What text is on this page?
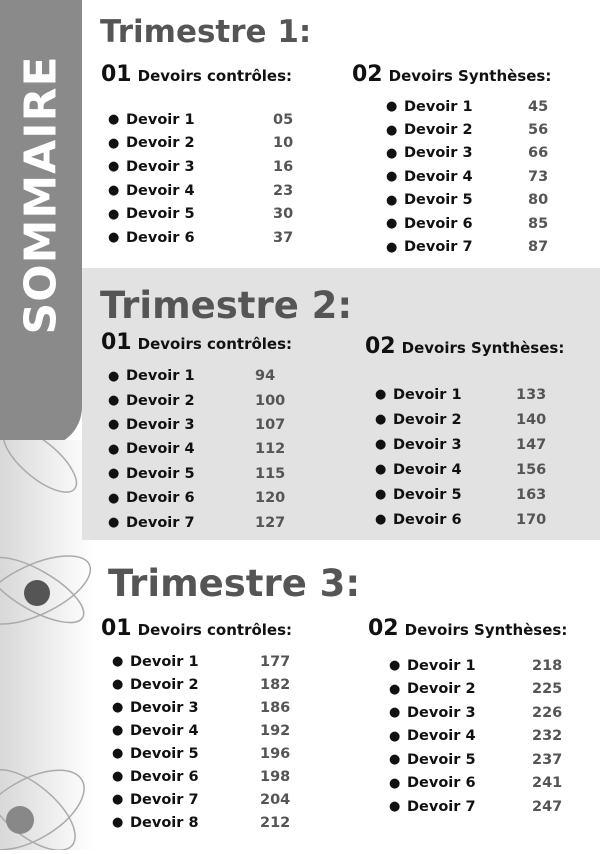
SOMMAIRE
Trimestre 1:
01 Devoirs contrôles:
● Devoir 1	05
● Devoir 2	10
● Devoir 3	16
● Devoir 4	23
● Devoir 5	30
● Devoir 6	37
02 Devoirs Synthèses:
● Devoir 1	45
● Devoir 2	56
● Devoir 3	66
● Devoir 4	73
● Devoir 5	80
● Devoir 6	85
● Devoir 7	87
Trimestre 2:
01 Devoirs contrôles:
● Devoir 1	94
● Devoir 2	100
● Devoir 3	107
● Devoir 4	112
● Devoir 5	115
● Devoir 6	120
● Devoir 7	127
02 Devoirs Synthèses:
● Devoir 1	133
● Devoir 2	140
● Devoir 3	147
● Devoir 4	156
● Devoir 5	163
● Devoir 6	170
Trimestre 3:
01 Devoirs contrôles:
● Devoir 1	177
● Devoir 2	182
● Devoir 3	186
● Devoir 4	192
● Devoir 5	196
● Devoir 6	198
● Devoir 7	204
● Devoir 8	212
02 Devoirs Synthèses:
● Devoir 1	218
● Devoir 2	225
● Devoir 3	226
● Devoir 4	232
● Devoir 5	237
● Devoir 6	241
● Devoir 7	247
